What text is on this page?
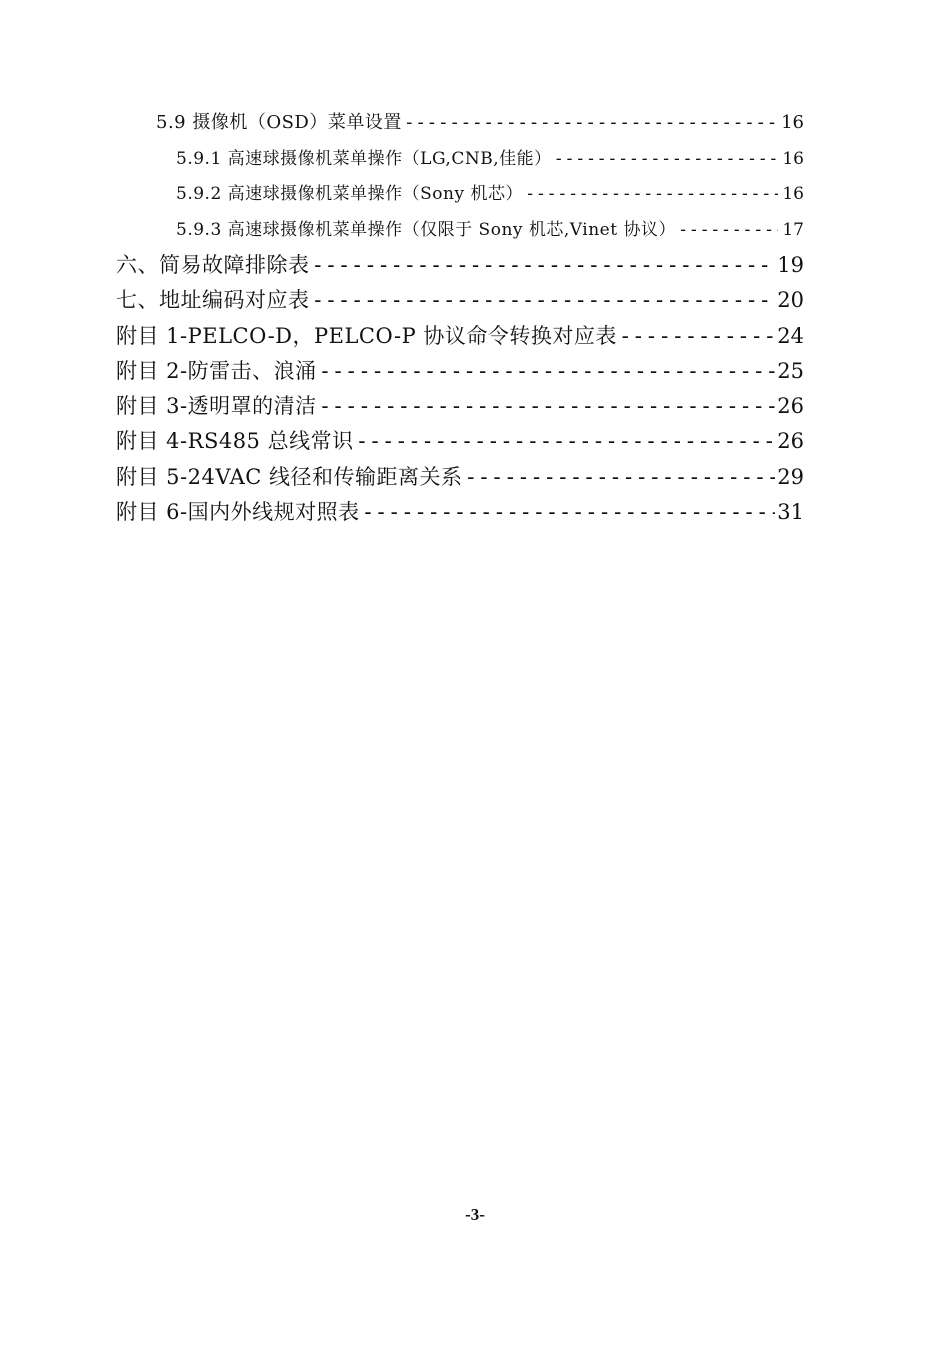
5.9 摄像机（OSD）菜单设置 -----	16
5.9.1 高速球摄像机菜单操作（LG,CNB,佳能） -----	16
5.9.2 高速球摄像机菜单操作（Sony 机芯） -----	16
5.9.3 高速球摄像机菜单操作（仅限于 Sony 机芯,Vinet 协议） -----	17
六、简易故障排除表 -----	19
七、地址编码对应表 -----	20
附目 1-PELCO-D，PELCO-P 协议命令转换对应表 -----	24
附目 2-防雷击、浪涌 -----	25
附目 3-透明罩的清洁 -----	26
附目 4-RS485 总线常识 -----	26
附目 5-24VAC 线径和传输距离关系 -----	29
附目 6-国内外线规对照表 -----	31
-3-
